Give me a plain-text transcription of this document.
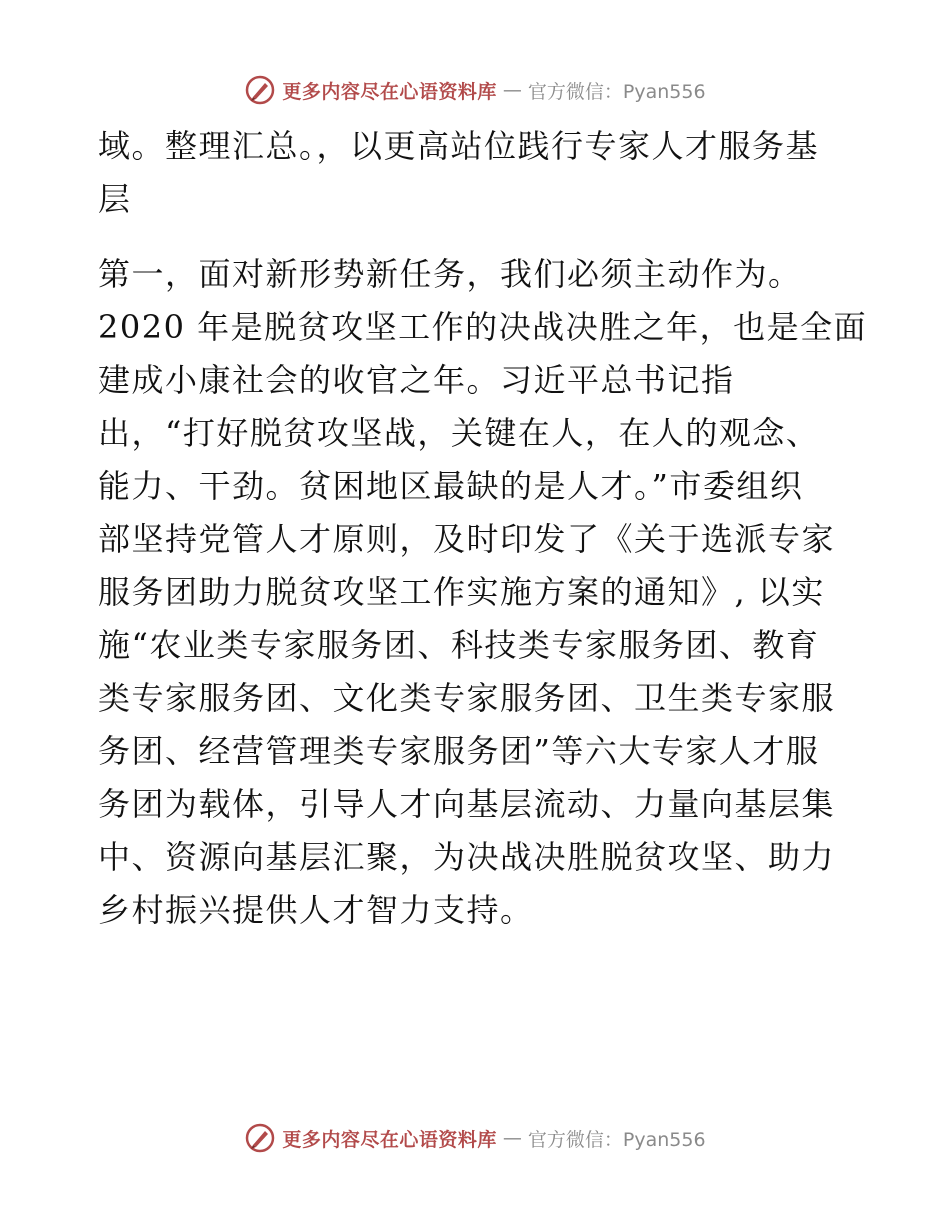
更多内容尽在心语资料库 — 官方微信：Pyan556
域。整理汇总。，以更高站位践行专家人才服务基
层
第一，面对新形势新任务，我们必须主动作为。
2020 年是脱贫攻坚工作的决战决胜之年，也是全面
建成小康社会的收官之年。习近平总书记指
出，“打好脱贫攻坚战，关键在人，在人的观念、
能力、干劲。贫困地区最缺的是人才。”市委组织
部坚持党管人才原则，及时印发了《关于选派专家
服务团助力脱贫攻坚工作实施方案的通知》, 以实
施“农业类专家服务团、科技类专家服务团、教育
类专家服务团、文化类专家服务团、卫生类专家服
务团、经营管理类专家服务团”等六大专家人才服
务团为载体，引导人才向基层流动、力量向基层集
中、资源向基层汇聚，为决战决胜脱贫攻坚、助力
乡村振兴提供人才智力支持。
更多内容尽在心语资料库 — 官方微信：Pyan556
